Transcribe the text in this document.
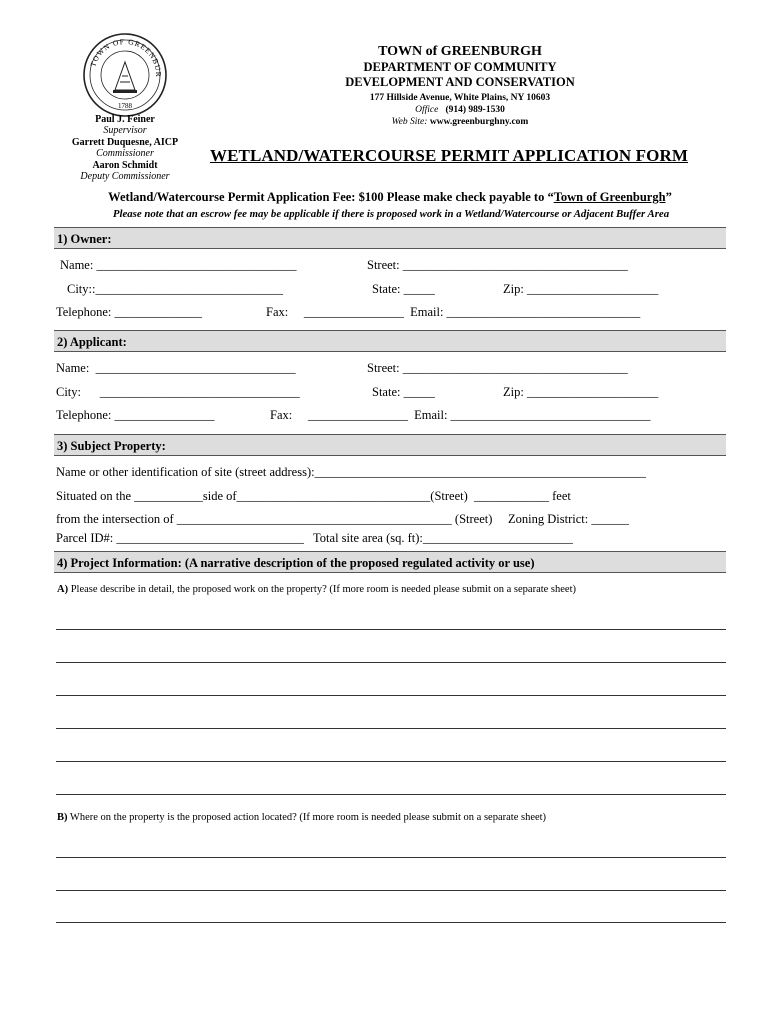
TOWN OF GREENBUR
1788
Paul J. Feiner
Supervisor
Garrett Duquesne, AICP
Commissioner
Aaron Schmidt
Deputy Commissioner
TOWN of GREENBURGH
DEPARTMENT OF COMMUNITY
DEVELOPMENT AND CONSERVATION
177 Hillside Avenue, White Plains, NY 10603
Office (914) 989-1530
Web Site: www.greenburghny.com
WETLAND/WATERCOURSE PERMIT APPLICATION FORM
Wetland/Watercourse Permit Application Fee: $100 Please make check payable to “Town of Greenburgh”
Please note that an escrow fee may be applicable if there is proposed work in a Wetland/Watercourse or Adjacent Buffer Area
1) Owner:
Name: ________________________________	Street: ____________________________________
City::______________________________	State: _____	Zip: _____________________
Telephone: ______________	Fax:     ________________  Email: _______________________________
2) Applicant:
Name:  ________________________________	Street: ____________________________________
City:      ________________________________	State: _____	Zip: _____________________
Telephone: ________________	Fax:     ________________  Email: ________________________________
3) Subject Property:
Name or other identification of site (street address):_____________________________________________________
Situated on the ___________side of_______________________________(Street)  ____________ feet
from the intersection of ____________________________________________ (Street)     Zoning District: ______
Parcel ID#: ______________________________   Total site area (sq. ft):________________________
4) Project Information: (A narrative description of the proposed regulated activity or use)
A) Please describe in detail, the proposed work on the property? (If more room is needed please submit on a separate sheet)
B) Where on the property is the proposed action located? (If more room is needed please submit on a separate sheet)
